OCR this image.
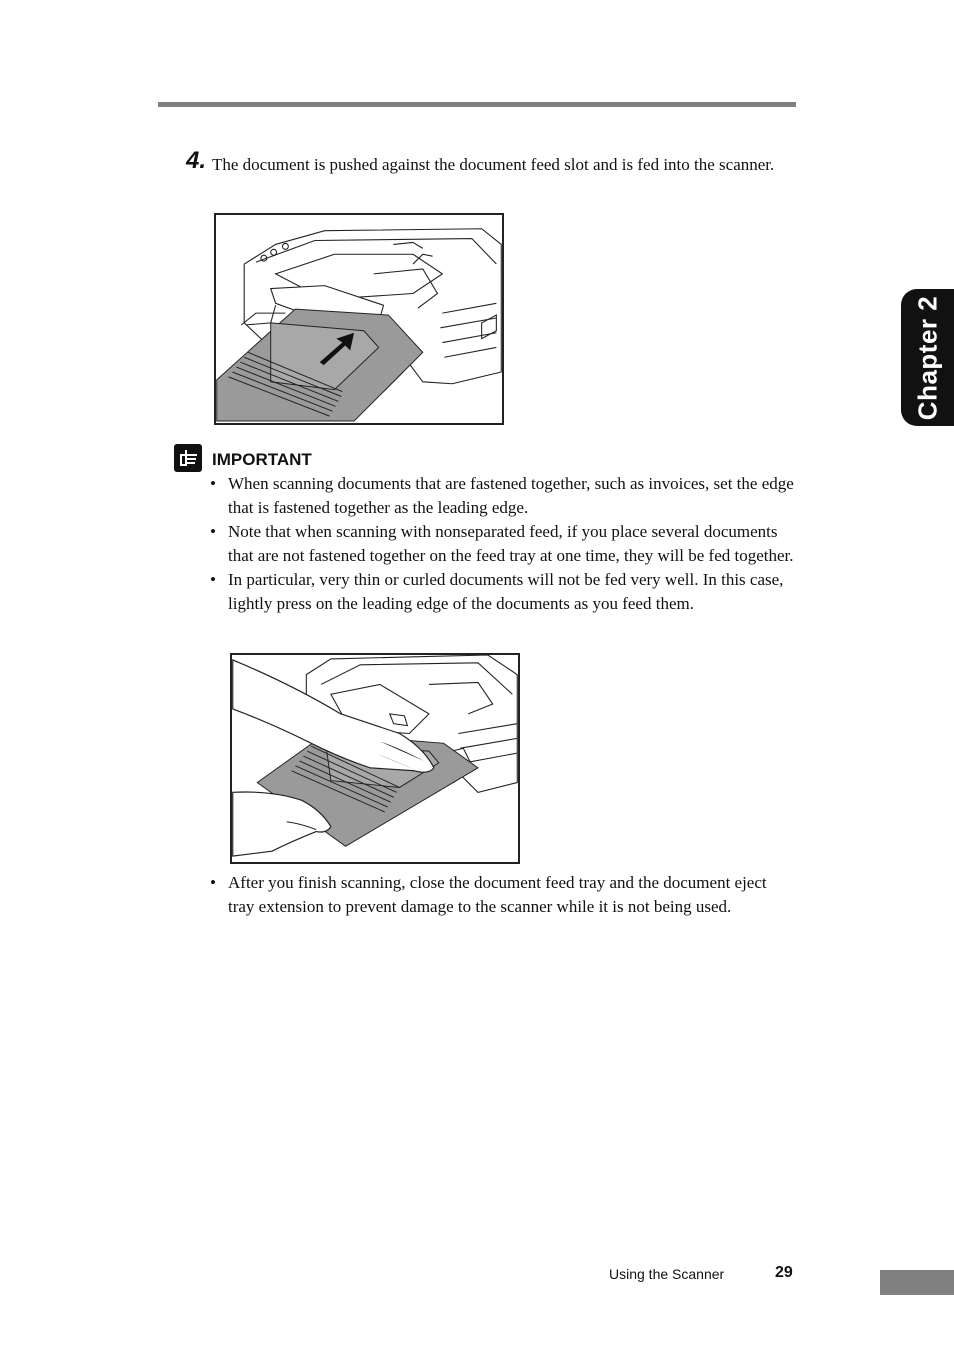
4. The document is pushed against the document feed slot and is fed into the scanner.
IMPORTANT
• When scanning documents that are fastened together, such as invoices, set the edge that is fastened together as the leading edge.
• Note that when scanning with nonseparated feed, if you place several documents that are not fastened together on the feed tray at one time, they will be fed together.
• In particular, very thin or curled documents will not be fed very well. In this case, lightly press on the leading edge of the documents as you feed them.
• After you finish scanning, close the document feed tray and the document eject tray extension to prevent damage to the scanner while it is not being used.
Chapter 2
Using the Scanner	29
